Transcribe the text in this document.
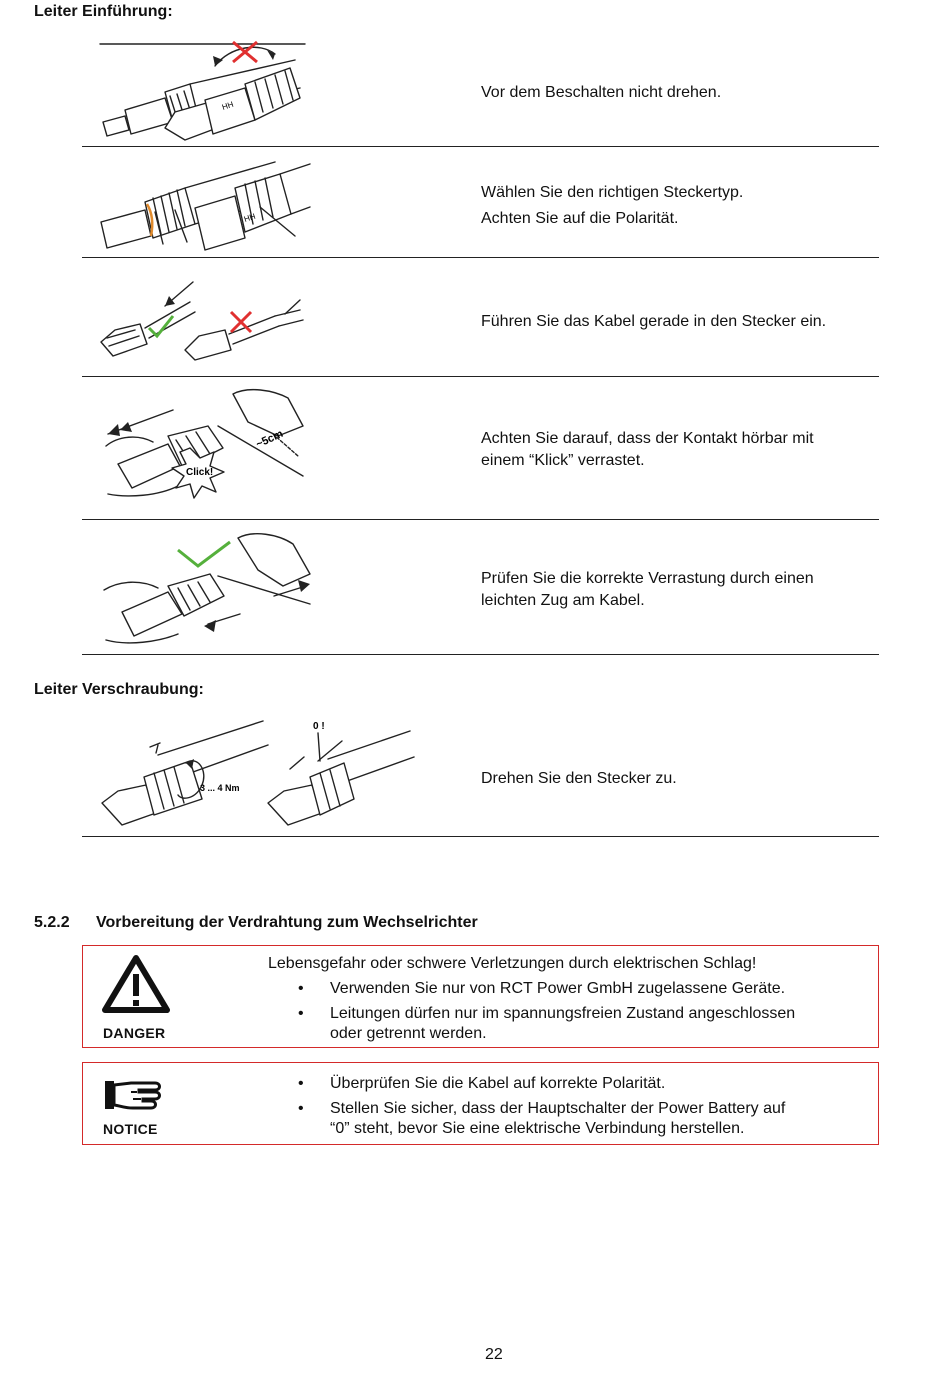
Leiter Einführung:
HH
Vor dem Beschalten nicht drehen.
HH
Wählen Sie den richtigen Steckertyp.
Achten Sie auf die Polarität.
Führen Sie das Kabel gerade in den Stecker ein.
~5cm
Click!
Achten Sie darauf, dass der Kontakt hörbar mit
einem “Klick” verrastet.
Prüfen Sie die korrekte Verrastung durch einen
leichten Zug am Kabel.
Leiter Verschraubung:
3 ... 4 Nm
0 !
Drehen Sie den Stecker zu.
5.2.2 Vorbereitung der Verdrahtung zum Wechselrichter
DANGER
Lebensgefahr oder schwere Verletzungen durch elektrischen Schlag!
• Verwenden Sie nur von RCT Power GmbH zugelassene Geräte.
• Leitungen dürfen nur im spannungsfreien Zustand angeschlossen oder getrennt werden.
NOTICE
• Überprüfen Sie die Kabel auf korrekte Polarität.
• Stellen Sie sicher, dass der Hauptschalter der Power Battery auf “0” steht, bevor Sie eine elektrische Verbindung herstellen.
22
